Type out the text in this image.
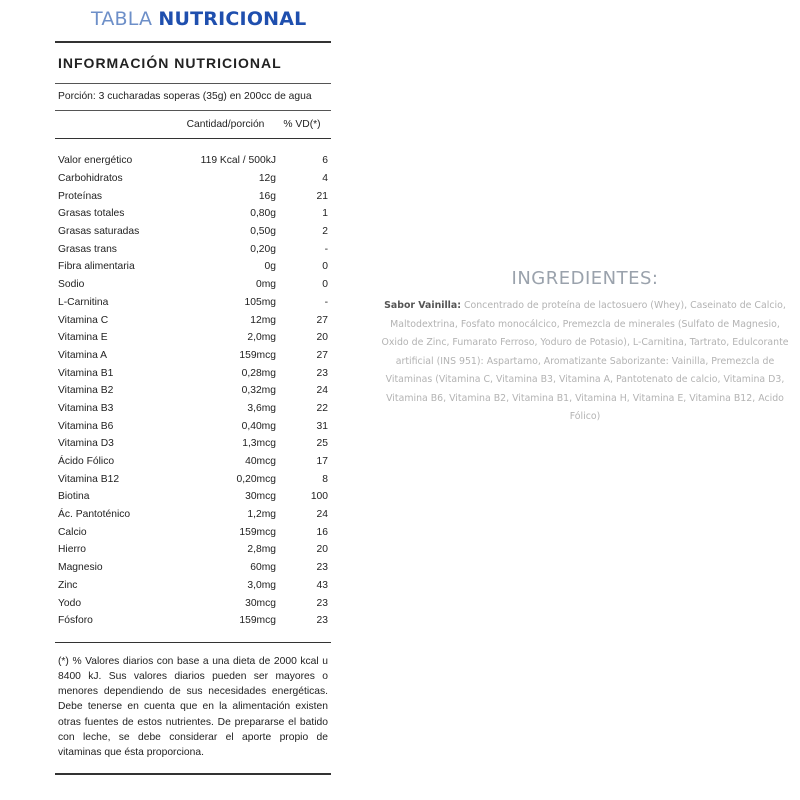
TABLA NUTRICIONAL
INFORMACIÓN NUTRICIONAL
Porción: 3 cucharadas soperas (35g) en 200cc de agua
Cantidad/porción	% VD(*)
Valor energético	119 Kcal / 500kJ	6
Carbohidratos	12g	4
Proteínas	16g	21
Grasas totales	0,80g	1
Grasas saturadas	0,50g	2
Grasas trans	0,20g	-
Fibra alimentaria	0g	0
Sodio	0mg	0
L-Carnitina	105mg	-
Vitamina C	12mg	27
Vitamina E	2,0mg	20
Vitamina A	159mcg	27
Vitamina B1	0,28mg	23
Vitamina B2	0,32mg	24
Vitamina B3	3,6mg	22
Vitamina B6	0,40mg	31
Vitamina D3	1,3mcg	25
Ácido Fólico	40mcg	17
Vitamina B12	0,20mcg	8
Biotina	30mcg	100
Ác. Pantoténico	1,2mg	24
Calcio	159mcg	16
Hierro	2,8mg	20
Magnesio	60mg	23
Zinc	3,0mg	43
Yodo	30mcg	23
Fósforo	159mcg	23
(*) % Valores diarios con base a una dieta de 2000 kcal u 8400 kJ. Sus valores diarios pueden ser mayores o menores dependiendo de sus necesidades energéticas. Debe tenerse en cuenta que en la alimentación existen otras fuentes de estos nutrientes. De prepararse el batido con leche, se debe considerar el aporte propio de vitaminas que ésta proporciona.
INGREDIENTES:
Sabor Vainilla: Concentrado de proteína de lactosuero (Whey), Caseinato de Calcio, Maltodextrina, Fosfato monocálcico, Premezcla de minerales (Sulfato de Magnesio, Oxido de Zinc, Fumarato Ferroso, Yoduro de Potasio), L-Carnitina, Tartrato, Edulcorante artificial (INS 951): Aspartamo, Aromatizante Saborizante: Vainilla, Premezcla de Vitaminas (Vitamina C, Vitamina B3, Vitamina A, Pantotenato de calcio, Vitamina D3, Vitamina B6, Vitamina B2, Vitamina B1, Vitamina H, Vitamina E, Vitamina B12, Acido Fólico)
